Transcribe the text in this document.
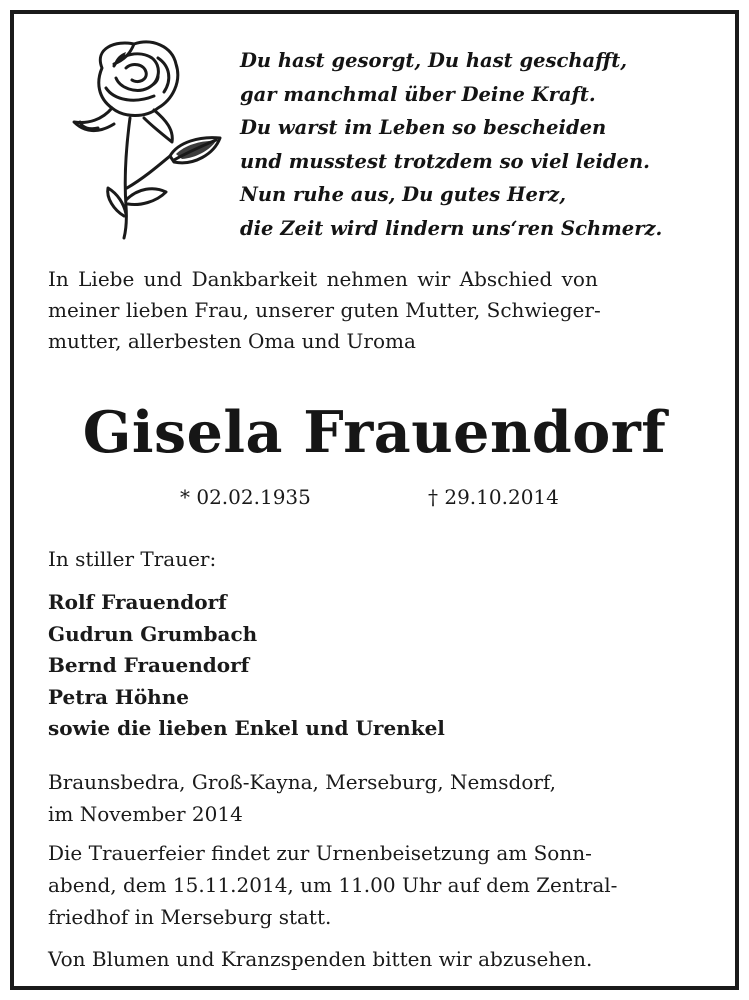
Du hast gesorgt, Du hast geschafft,
gar manchmal über Deine Kraft.
Du warst im Leben so bescheiden
und musstest trotzdem so viel leiden.
Nun ruhe aus, Du gutes Herz,
die Zeit wird lindern uns‘ren Schmerz.
In Liebe und Dankbarkeit nehmen wir Abschied von
meiner lieben Frau, unserer guten Mutter, Schwieger-
mutter, allerbesten Oma und Uroma
Gisela Frauendorf
* 02.02.1935	† 29.10.2014
In stiller Trauer:
Rolf Frauendorf
Gudrun Grumbach
Bernd Frauendorf
Petra Höhne
sowie die lieben Enkel und Urenkel
Braunsbedra, Groß-Kayna, Merseburg, Nemsdorf,
im November 2014
Die Trauerfeier findet zur Urnenbeisetzung am Sonn-
abend, dem 15.11.2014, um 11.00 Uhr auf dem Zentral-
friedhof in Merseburg statt.
Von Blumen und Kranzspenden bitten wir abzusehen.
